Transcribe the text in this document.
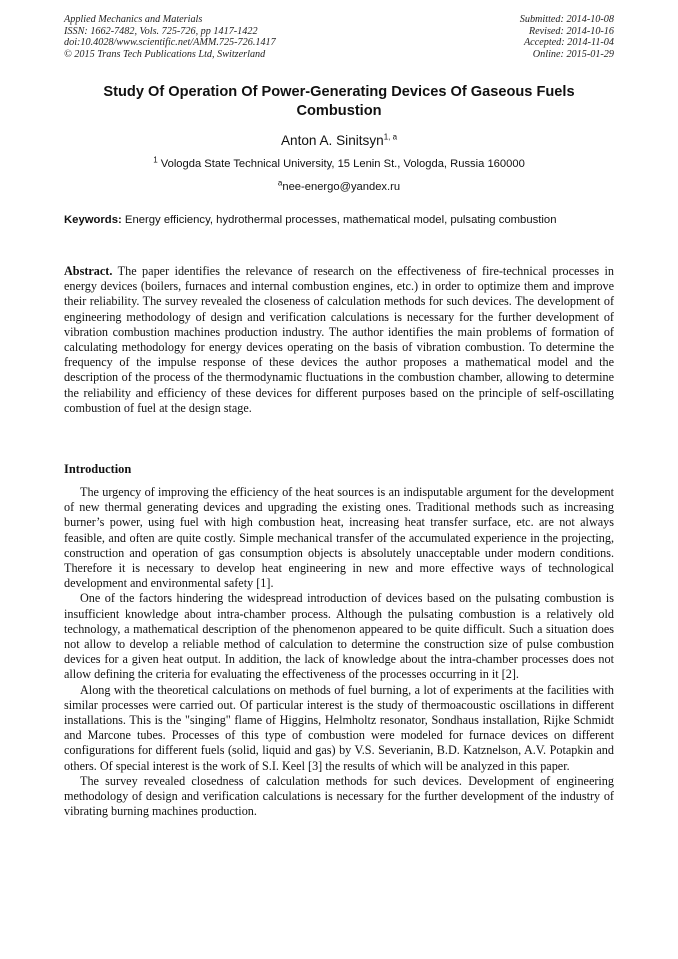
Applied Mechanics and Materials
ISSN: 1662-7482, Vols. 725-726, pp 1417-1422
doi:10.4028/www.scientific.net/AMM.725-726.1417
© 2015 Trans Tech Publications Ltd, Switzerland
Submitted: 2014-10-08
Revised: 2014-10-16
Accepted: 2014-11-04
Online: 2015-01-29
Study Of Operation Of Power-Generating Devices Of Gaseous Fuels Combustion
Anton A. Sinitsyn$^{1, a}$
$^1$ Vologda State Technical University, 15 Lenin St., Vologda, Russia 160000
$^a$nee-energo@yandex.ru
Keywords: Energy efficiency, hydrothermal processes, mathematical model, pulsating combustion
Abstract. The paper identifies the relevance of research on the effectiveness of fire-technical processes in energy devices (boilers, furnaces and internal combustion engines, etc.) in order to optimize them and improve their reliability. The survey revealed the closeness of calculation methods for such devices. The development of engineering methodology of design and verification calculations is necessary for the further development of vibration combustion machines production industry. The author identifies the main problems of formation of calculating methodology for energy devices operating on the basis of vibration combustion. To determine the frequency of the impulse response of these devices the author proposes a mathematical model and the description of the process of the thermodynamic fluctuations in the combustion chamber, allowing to determine the reliability and efficiency of these devices for different purposes based on the principle of self-oscillating combustion of fuel at the design stage.
Introduction

The urgency of improving the efficiency of the heat sources is an indisputable argument for the development of new thermal generating devices and upgrading the existing ones. Traditional methods such as increasing burner’s power, using fuel with high combustion heat, increasing heat transfer surface, etc. are not always feasible, and often are quite costly. Simple mechanical transfer of the accumulated experience in the projecting, construction and operation of gas consumption objects is absolutely unacceptable under modern conditions. Therefore it is necessary to develop heat engineering in new and more effective ways of technological development and environmental safety [1].

One of the factors hindering the widespread introduction of devices based on the pulsating combustion is insufficient knowledge about intra-chamber process. Although the pulsating combustion is a relatively old technology, a mathematical description of the phenomenon appeared to be quite difficult. Such a situation does not allow to develop a reliable method of calculation to determine the construction size of pulse combustion devices for a given heat output. In addition, the lack of knowledge about the intra-chamber processes does not allow defining the criteria for evaluating the effectiveness of the processes occurring in it [2].

Along with the theoretical calculations on methods of fuel burning, a lot of experiments at the facilities with similar processes were carried out. Of particular interest is the study of thermoacoustic oscillations in different installations. This is the "singing" flame of Higgins, Helmholtz resonator, Sondhaus installation, Rijke Schmidt and Marcone tubes. Processes of this type of combustion were modeled for furnace devices on different configurations for different fuels (solid, liquid and gas) by V.S. Severianin, B.D. Katznelson, A.V. Potapkin and others. Of special interest is the work of S.I. Keel [3] the results of which will be analyzed in this paper.

The survey revealed closedness of calculation methods for such devices. Development of engineering methodology of design and verification calculations is necessary for the further development of the industry of vibrating burning machines production.
